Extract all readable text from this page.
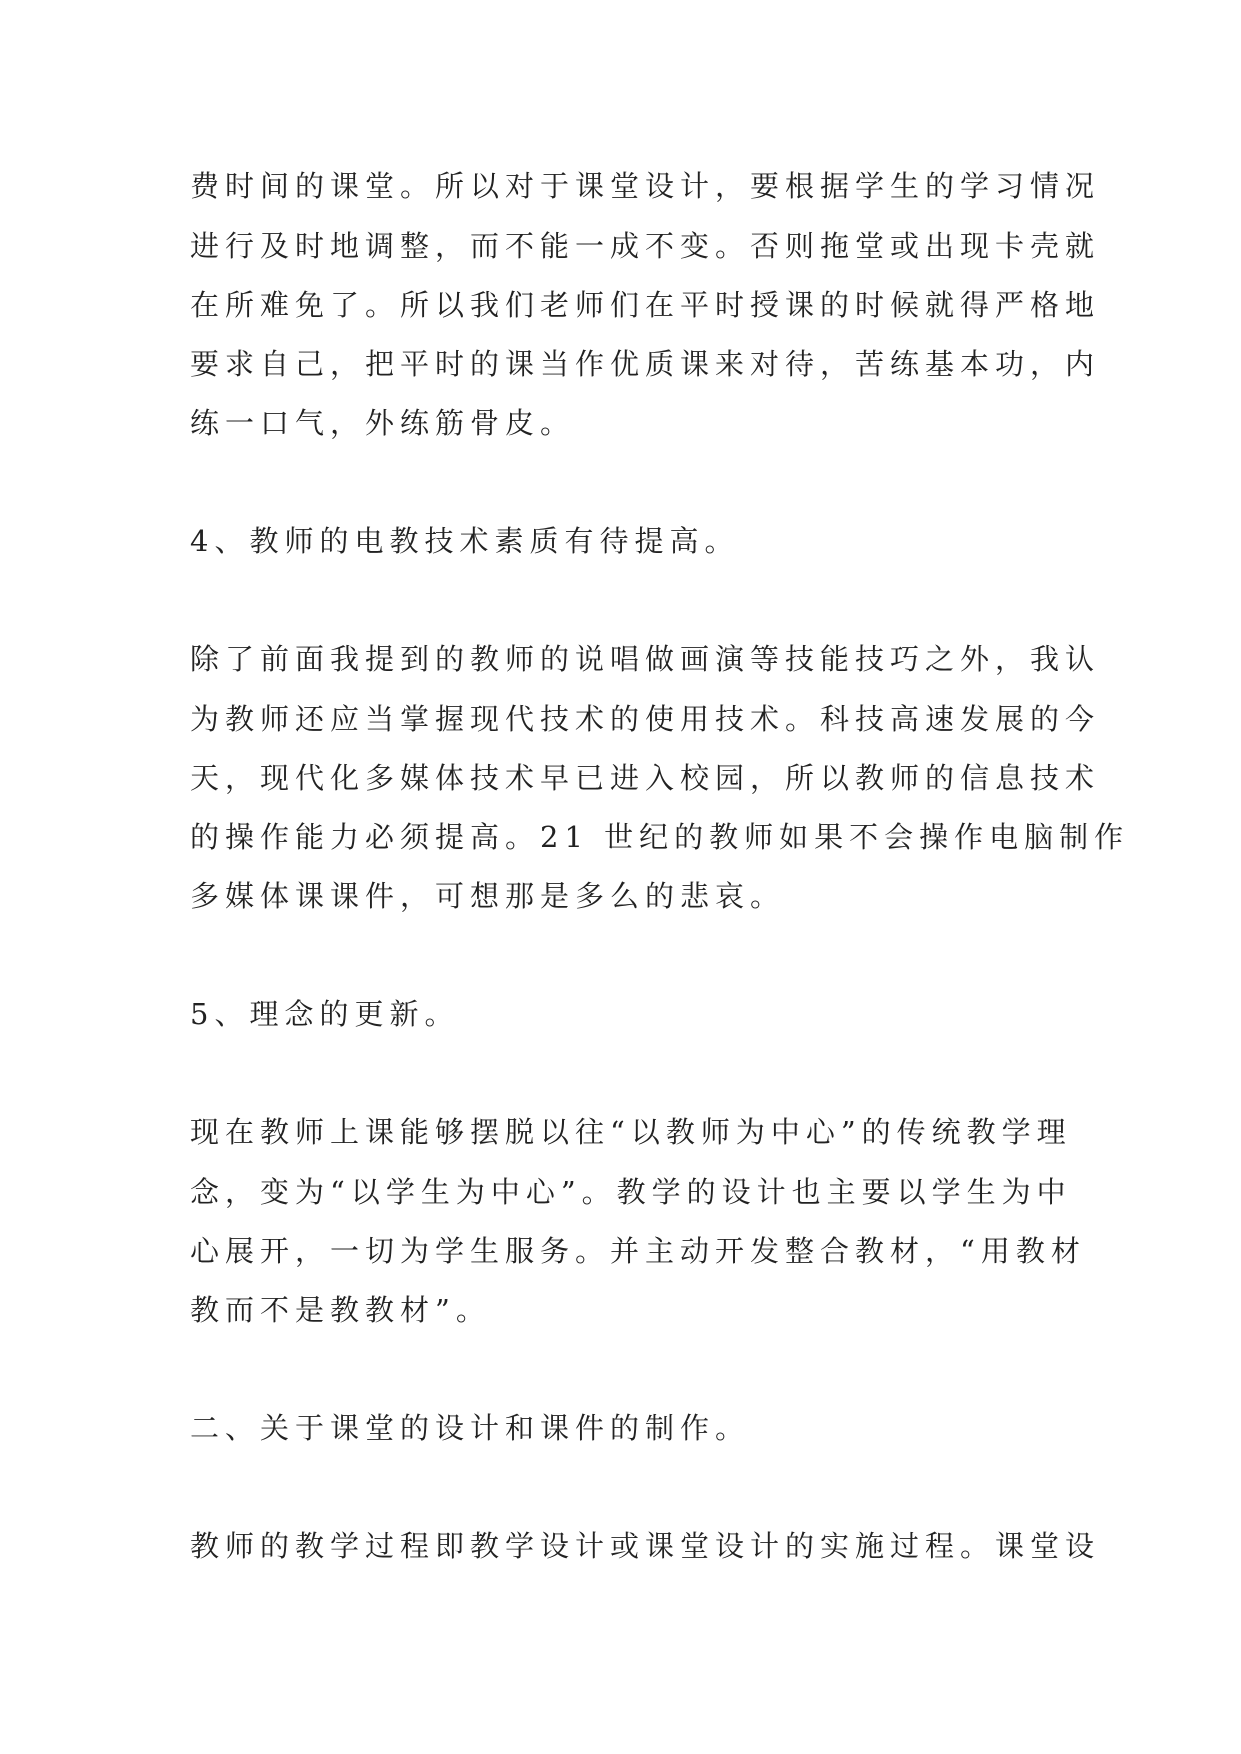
费时间的课堂。所以对于课堂设计，要根据学生的学习情况
进行及时地调整，而不能一成不变。否则拖堂或出现卡壳就
在所难免了。所以我们老师们在平时授课的时候就得严格地
要求自己，把平时的课当作优质课来对待，苦练基本功，内
练一口气，外练筋骨皮。
4、教师的电教技术素质有待提高。
除了前面我提到的教师的说唱做画演等技能技巧之外，我认
为教师还应当掌握现代技术的使用技术。科技高速发展的今
天，现代化多媒体技术早已进入校园，所以教师的信息技术
的操作能力必须提高。21 世纪的教师如果不会操作电脑制作
多媒体课课件，可想那是多么的悲哀。
5、理念的更新。
现在教师上课能够摆脱以往“以教师为中心”的传统教学理
念，变为“以学生为中心”。教学的设计也主要以学生为中
心展开，一切为学生服务。并主动开发整合教材，“用教材
教而不是教教材”。
二、关于课堂的设计和课件的制作。
教师的教学过程即教学设计或课堂设计的实施过程。课堂设
